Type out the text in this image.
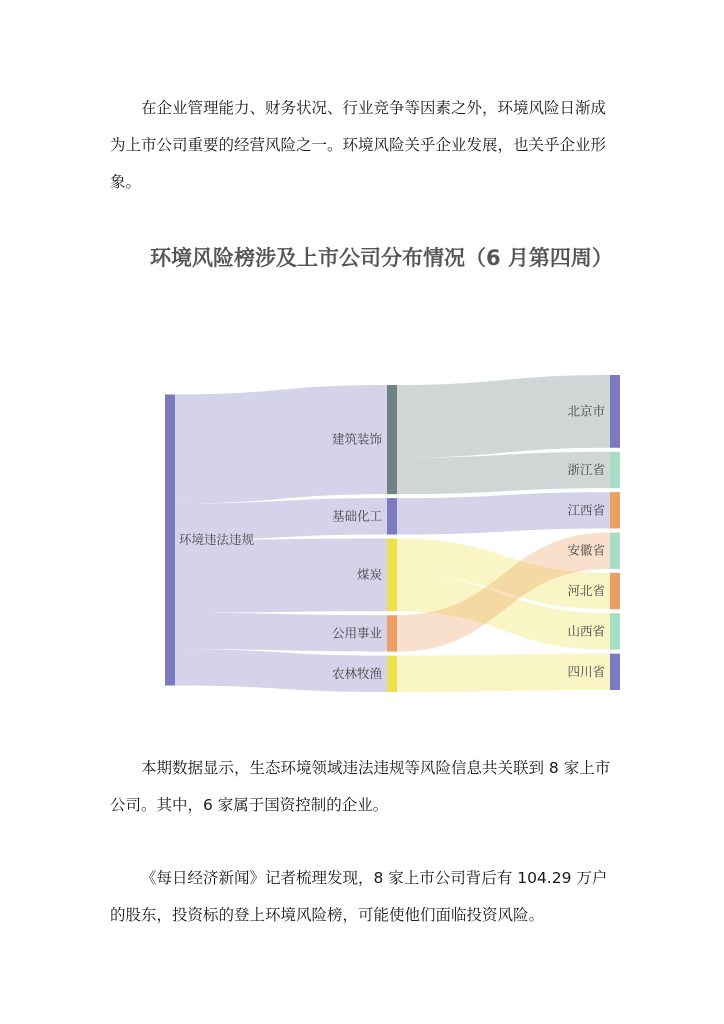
在企业管理能力、财务状况、行业竞争等因素之外，环境风险日渐成为上市公司重要的经营风险之一。环境风险关乎企业发展，也关乎企业形象。

环境风险榜涉及上市公司分布情况（6 月第四周）
环境违法违规
建筑装饰
基础化工
煤炭
公用事业
农林牧渔
北京市
浙江省
江西省
安徽省
河北省
山西省
四川省

本期数据显示，生态环境领域违法违规等风险信息共关联到 8 家上市公司。其中，6 家属于国资控制的企业。

《每日经济新闻》记者梳理发现，8 家上市公司背后有 104.29 万户的股东，投资标的登上环境风险榜，可能使他们面临投资风险。
